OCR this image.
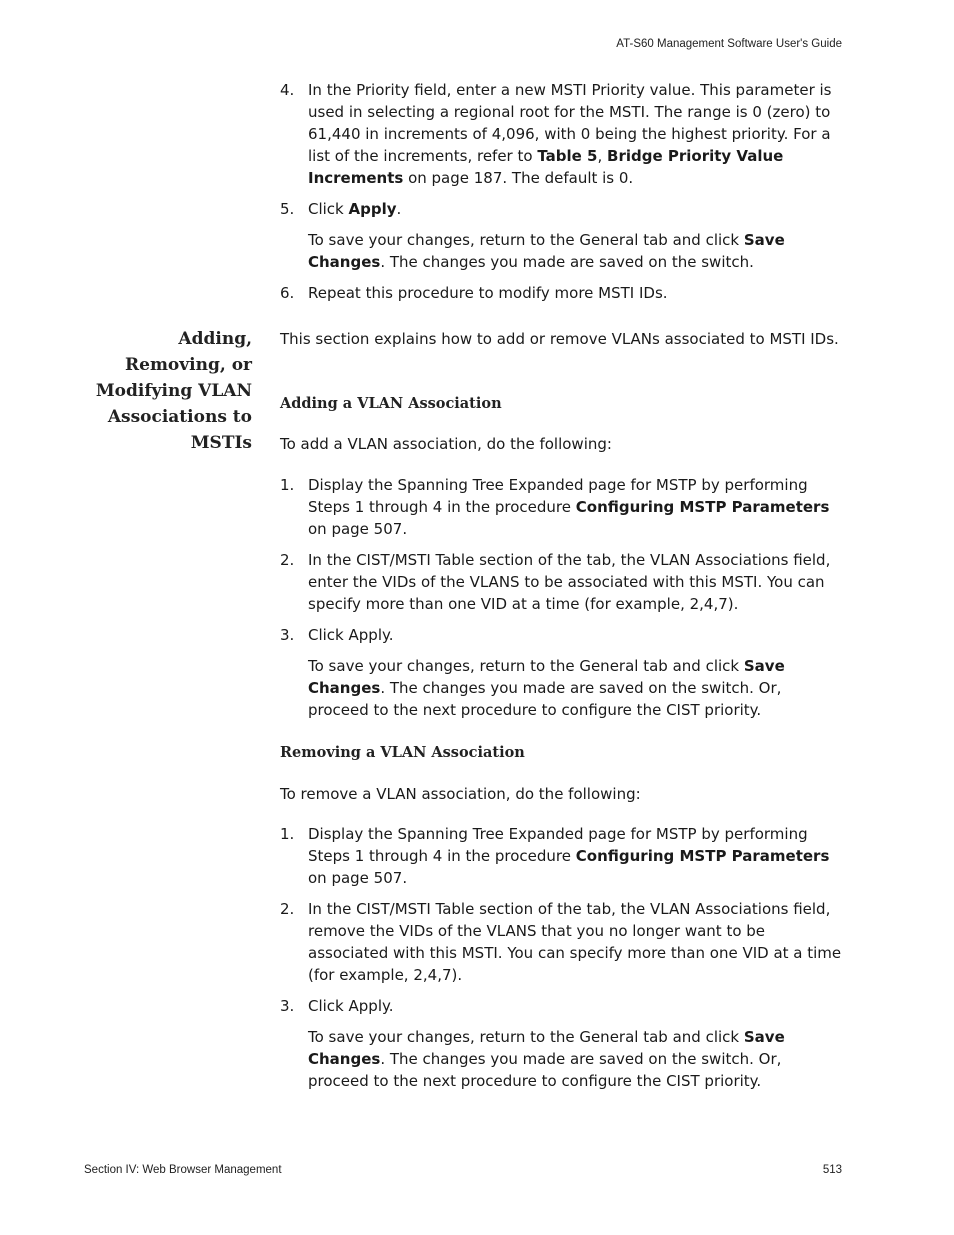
AT-S60 Management Software User's Guide
4. In the Priority field, enter a new MSTI Priority value. This parameter is used in selecting a regional root for the MSTI. The range is 0 (zero) to 61,440 in increments of 4,096, with 0 being the highest priority. For a list of the increments, refer to Table 5, Bridge Priority Value Increments on page 187. The default is 0.
5. Click Apply.
To save your changes, return to the General tab and click Save Changes. The changes you made are saved on the switch.
6. Repeat this procedure to modify more MSTI IDs.
Adding,
Removing, or
Modifying VLAN
Associations to
MSTIs
This section explains how to add or remove VLANs associated to MSTI IDs.
Adding a VLAN Association
To add a VLAN association, do the following:
1. Display the Spanning Tree Expanded page for MSTP by performing Steps 1 through 4 in the procedure Configuring MSTP Parameters on page 507.
2. In the CIST/MSTI Table section of the tab, the VLAN Associations field, enter the VIDs of the VLANS to be associated with this MSTI. You can specify more than one VID at a time (for example, 2,4,7).
3. Click Apply.
To save your changes, return to the General tab and click Save Changes. The changes you made are saved on the switch. Or, proceed to the next procedure to configure the CIST priority.
Removing a VLAN Association
To remove a VLAN association, do the following:
1. Display the Spanning Tree Expanded page for MSTP by performing Steps 1 through 4 in the procedure Configuring MSTP Parameters on page 507.
2. In the CIST/MSTI Table section of the tab, the VLAN Associations field, remove the VIDs of the VLANS that you no longer want to be associated with this MSTI. You can specify more than one VID at a time (for example, 2,4,7).
3. Click Apply.
To save your changes, return to the General tab and click Save Changes. The changes you made are saved on the switch. Or, proceed to the next procedure to configure the CIST priority.
Section IV: Web Browser Management	513
